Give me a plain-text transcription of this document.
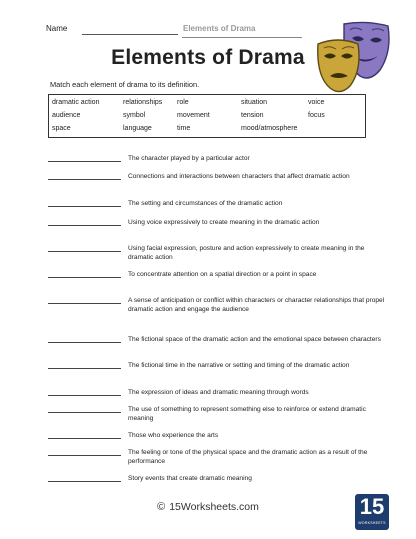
Name	Elements of Drama
Elements of Drama
Match each element of drama to its definition.
dramatic action	relationships	role	situation	voice
audience	symbol	movement	tension	focus
space	language	time	mood/atmosphere
The character played by a particular actor
Connections and interactions between characters that affect dramatic action
The setting and circumstances of the dramatic action
Using voice expressively to create meaning in the dramatic action
Using facial expression, posture and action expressively to create meaning in the dramatic action
To concentrate attention on a spatial direction or a point in space
A sense of anticipation or conflict within characters or character relationships that propel dramatic action and engage the audience
The fictional space of the dramatic action and the emotional space between characters
The fictional time in the narrative or setting and timing of the dramatic action
The expression of ideas and dramatic meaning through words
The use of something to represent something else to reinforce or extend dramatic meaning
Those who experience the arts
The feeling or tone of the physical space and the dramatic action as a result of the performance
Story events that create dramatic meaning
© 15Worksheets.com	15
WORKSHEETS
